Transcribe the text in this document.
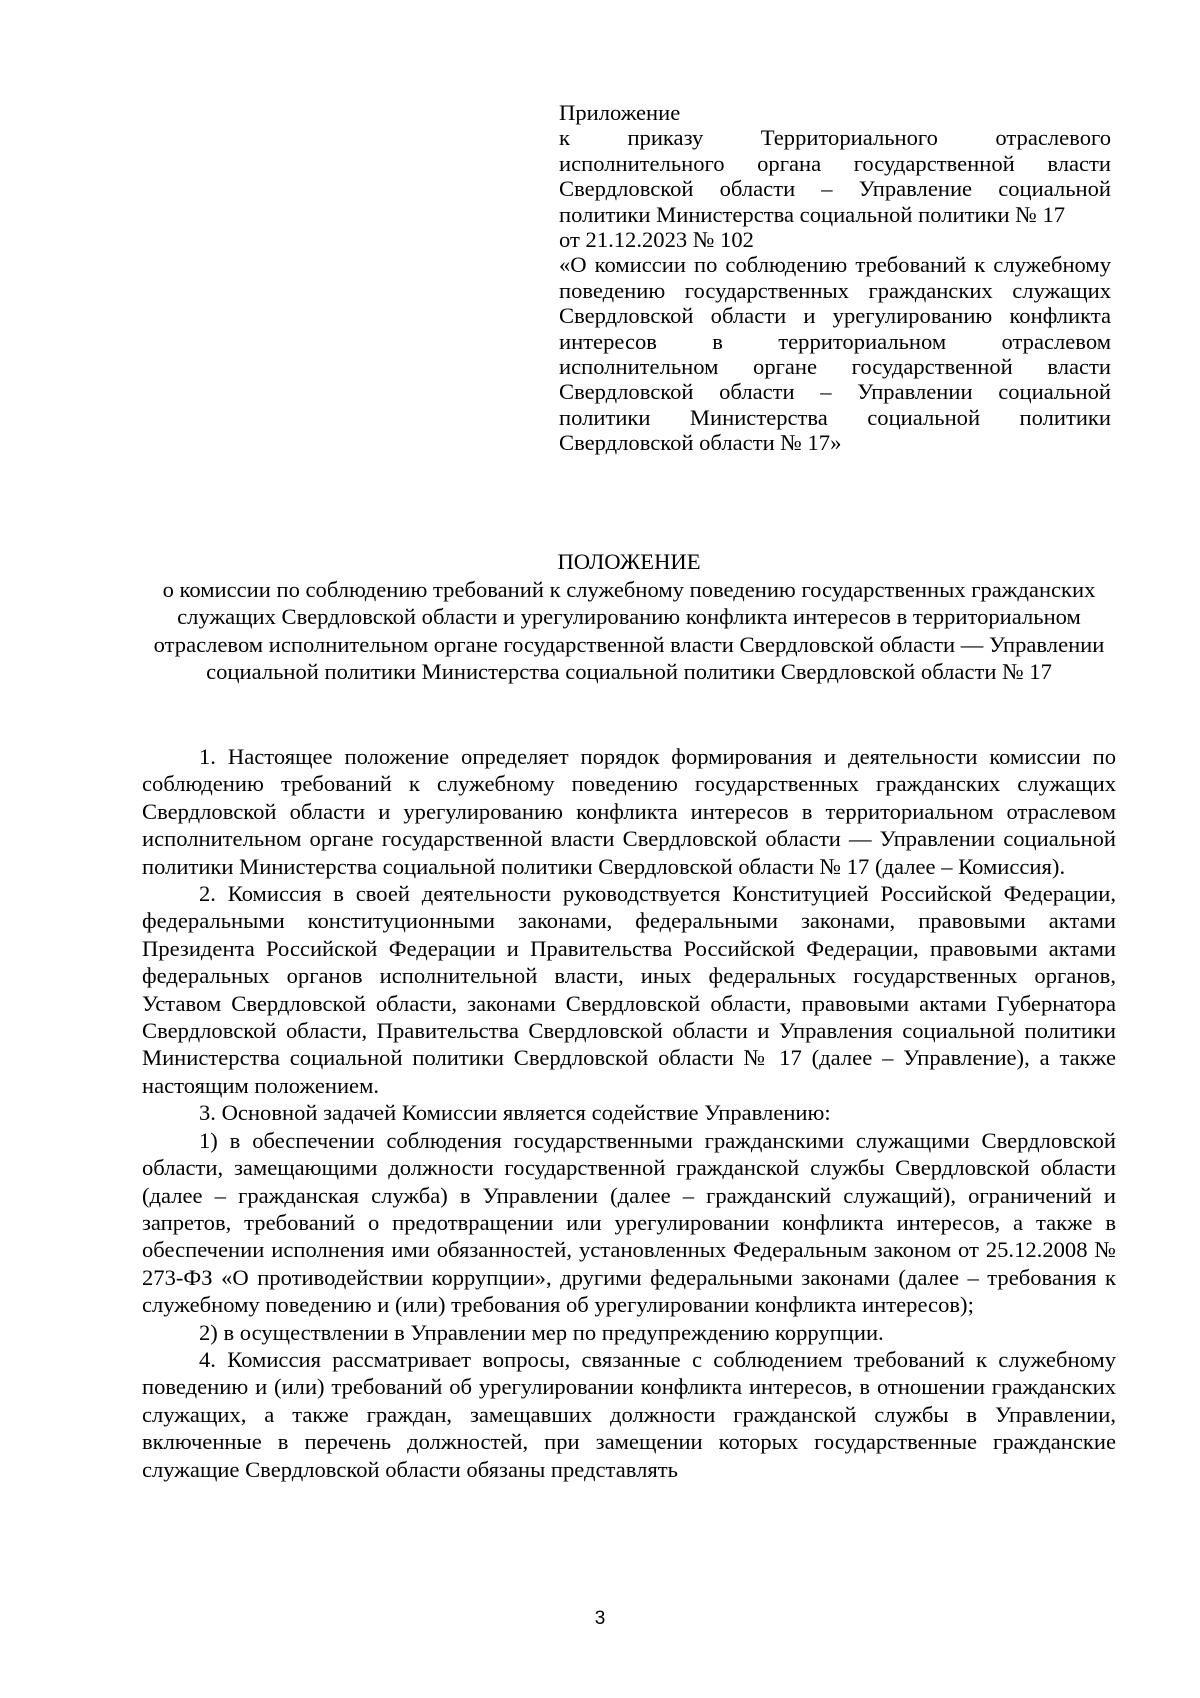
Приложение
к приказу Территориального отраслевого исполнительного органа государственной власти Свердловской области – Управление социальной политики Министерства социальной политики № 17
от 21.12.2023 № 102
«О комиссии по соблюдению требований к служебному поведению государственных гражданских служащих Свердловской области и урегулированию конфликта интересов в территориальном отраслевом исполнительном органе государственной власти Свердловской области – Управлении социальной политики Министерства социальной политики Свердловской области № 17»
ПОЛОЖЕНИЕ
о комиссии по соблюдению требований к служебному поведению государственных гражданских служащих Свердловской области и урегулированию конфликта интересов в территориальном отраслевом исполнительном органе государственной власти Свердловской области — Управлении социальной политики Министерства социальной политики Свердловской области № 17

1. Настоящее положение определяет порядок формирования и деятельности комиссии по соблюдению требований к служебному поведению государственных гражданских служащих Свердловской области и урегулированию конфликта интересов в территориальном отраслевом исполнительном органе государственной власти Свердловской области — Управлении социальной политики Министерства социальной политики Свердловской области № 17 (далее – Комиссия).

2. Комиссия в своей деятельности руководствуется Конституцией Российской Федерации, федеральными конституционными законами, федеральными законами, правовыми актами Президента Российской Федерации и Правительства Российской Федерации, правовыми актами федеральных органов исполнительной власти, иных федеральных государственных органов, Уставом Свердловской области, законами Свердловской области, правовыми актами Губернатора Свердловской области, Правительства Свердловской области и Управления социальной политики Министерства социальной политики Свердловской области № 17 (далее – Управление), а также настоящим положением.

3. Основной задачей Комиссии является содействие Управлению:

1) в обеспечении соблюдения государственными гражданскими служащими Свердловской области, замещающими должности государственной гражданской службы Свердловской области (далее – гражданская служба) в Управлении (далее – гражданский служащий), ограничений и запретов, требований о предотвращении или урегулировании конфликта интересов, а также в обеспечении исполнения ими обязанностей, установленных Федеральным законом от 25.12.2008 № 273-ФЗ «О противодействии коррупции», другими федеральными законами (далее – требования к служебному поведению и (или) требования об урегулировании конфликта интересов);

2) в осуществлении в Управлении мер по предупреждению коррупции.

4. Комиссия рассматривает вопросы, связанные с соблюдением требований к служебному поведению и (или) требований об урегулировании конфликта интересов, в отношении гражданских служащих, а также граждан, замещавших должности гражданской службы в Управлении, включенные в перечень должностей, при замещении которых государственные гражданские служащие Свердловской области обязаны представлять

3
